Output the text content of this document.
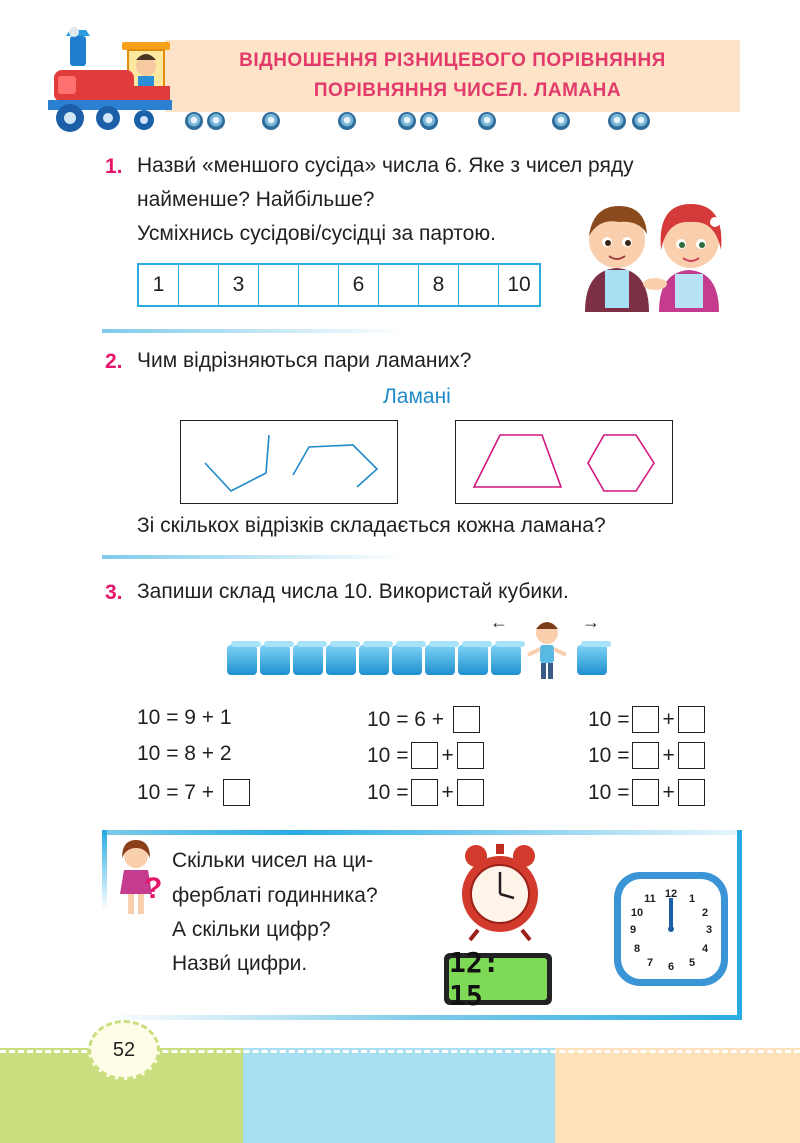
ВІДНОШЕННЯ РІЗНИЦЕВОГО ПОРІВНЯННЯ
ПОРІВНЯННЯ ЧИСЕЛ. ЛАМАНА
1. Назви́ «меншого сусіда» числа 6. Яке з чисел ряду
найменше? Найбільше?
Усміхнись сусідові/сусідці за партою.
1	3	6	8	10
2. Чим відрізняються пари ламаних?
Ламані
Зі скількох відрізків складається кожна ламана?
3. Запиши склад числа 10. Використай кубики.
←	→
10 = 9 + 1
10 = 8 + 2
10 = 7 +

10 = 6 +

10 = +
10 = +
10 = +
10 = +
10 = +
?
Скільки чисел на ци-
ферблаті годинника?
А скільки цифр?
Назви́ цифри.	12: 15
12 1
2
3
4
5
6
7
8
9
10
11
52
